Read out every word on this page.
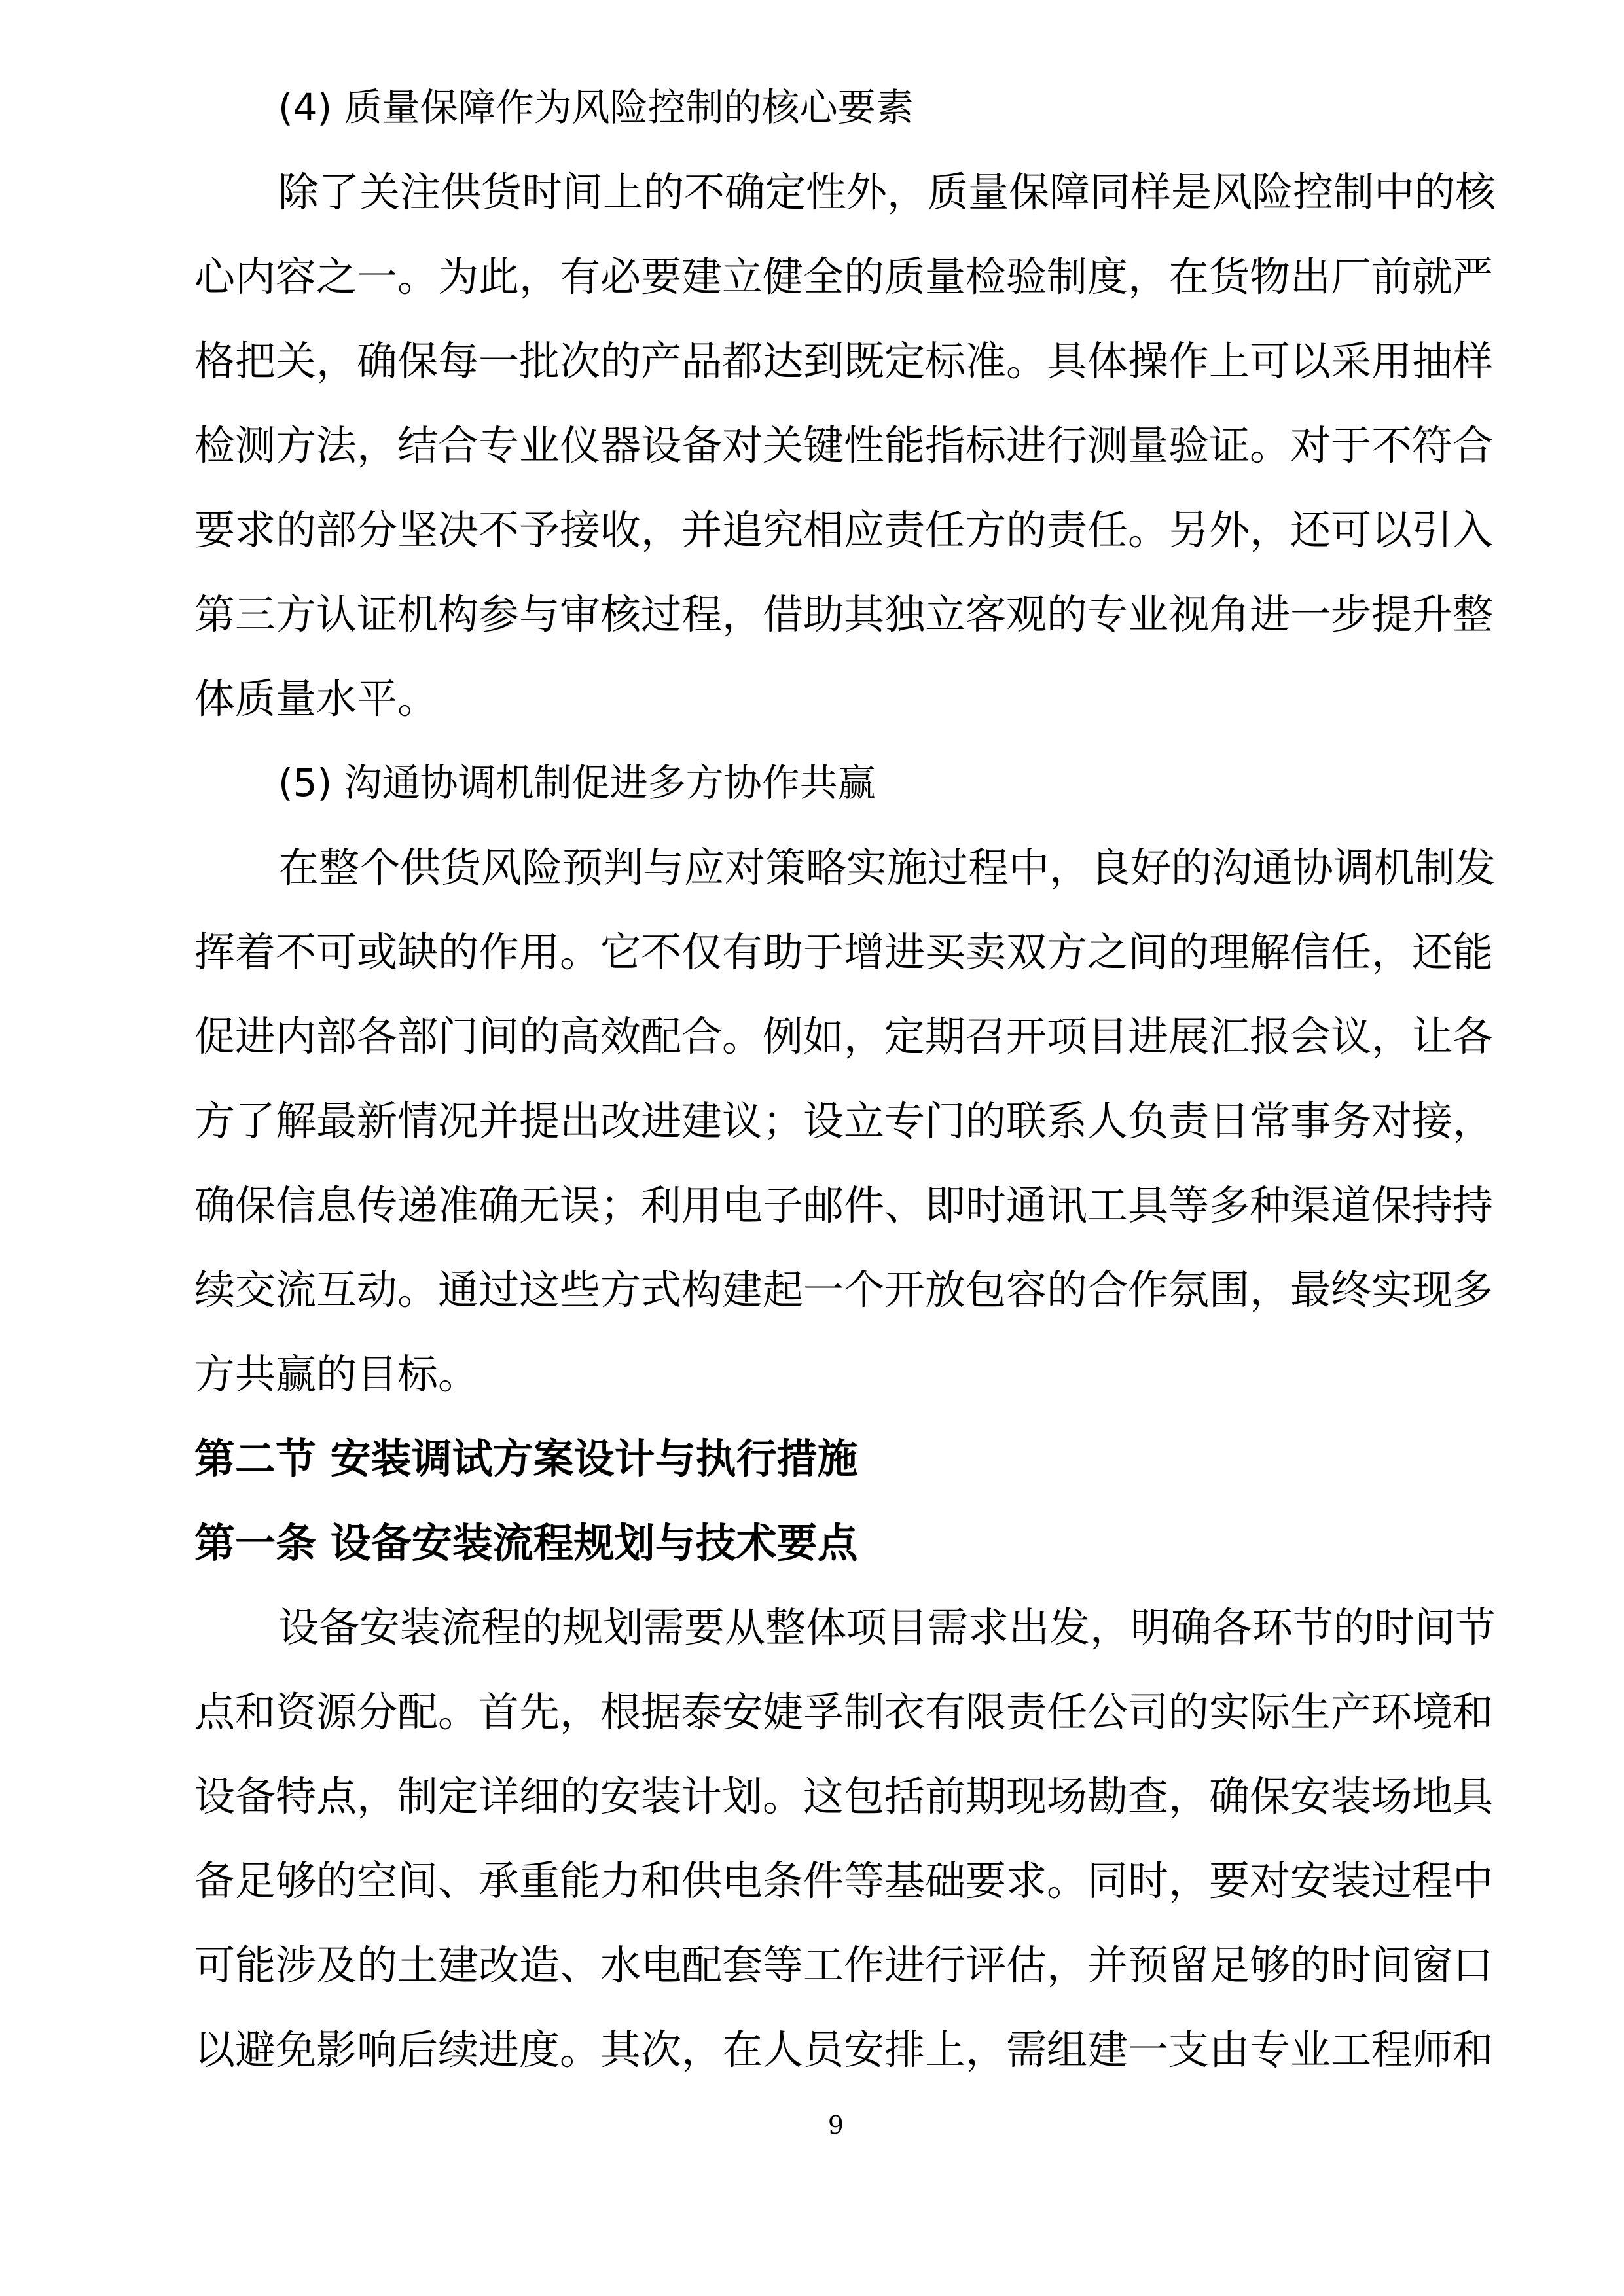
(4) 质量保障作为风险控制的核心要素
除了关注供货时间上的不确定性外，质量保障同样是风险控制中的核
心内容之一。为此，有必要建立健全的质量检验制度，在货物出厂前就严
格把关，确保每一批次的产品都达到既定标准。具体操作上可以采用抽样
检测方法，结合专业仪器设备对关键性能指标进行测量验证。对于不符合
要求的部分坚决不予接收，并追究相应责任方的责任。另外，还可以引入
第三方认证机构参与审核过程，借助其独立客观的专业视角进一步提升整
体质量水平。
(5) 沟通协调机制促进多方协作共赢
在整个供货风险预判与应对策略实施过程中，良好的沟通协调机制发
挥着不可或缺的作用。它不仅有助于增进买卖双方之间的理解信任，还能
促进内部各部门间的高效配合。例如，定期召开项目进展汇报会议，让各
方了解最新情况并提出改进建议；设立专门的联系人负责日常事务对接，
确保信息传递准确无误；利用电子邮件、即时通讯工具等多种渠道保持持
续交流互动。通过这些方式构建起一个开放包容的合作氛围，最终实现多
方共赢的目标。
第二节 安装调试方案设计与执行措施
第一条 设备安装流程规划与技术要点
设备安装流程的规划需要从整体项目需求出发，明确各环节的时间节
点和资源分配。首先，根据泰安婕孚制衣有限责任公司的实际生产环境和
设备特点，制定详细的安装计划。这包括前期现场勘查，确保安装场地具
备足够的空间、承重能力和供电条件等基础要求。同时，要对安装过程中
可能涉及的土建改造、水电配套等工作进行评估，并预留足够的时间窗口
以避免影响后续进度。其次，在人员安排上，需组建一支由专业工程师和
9
